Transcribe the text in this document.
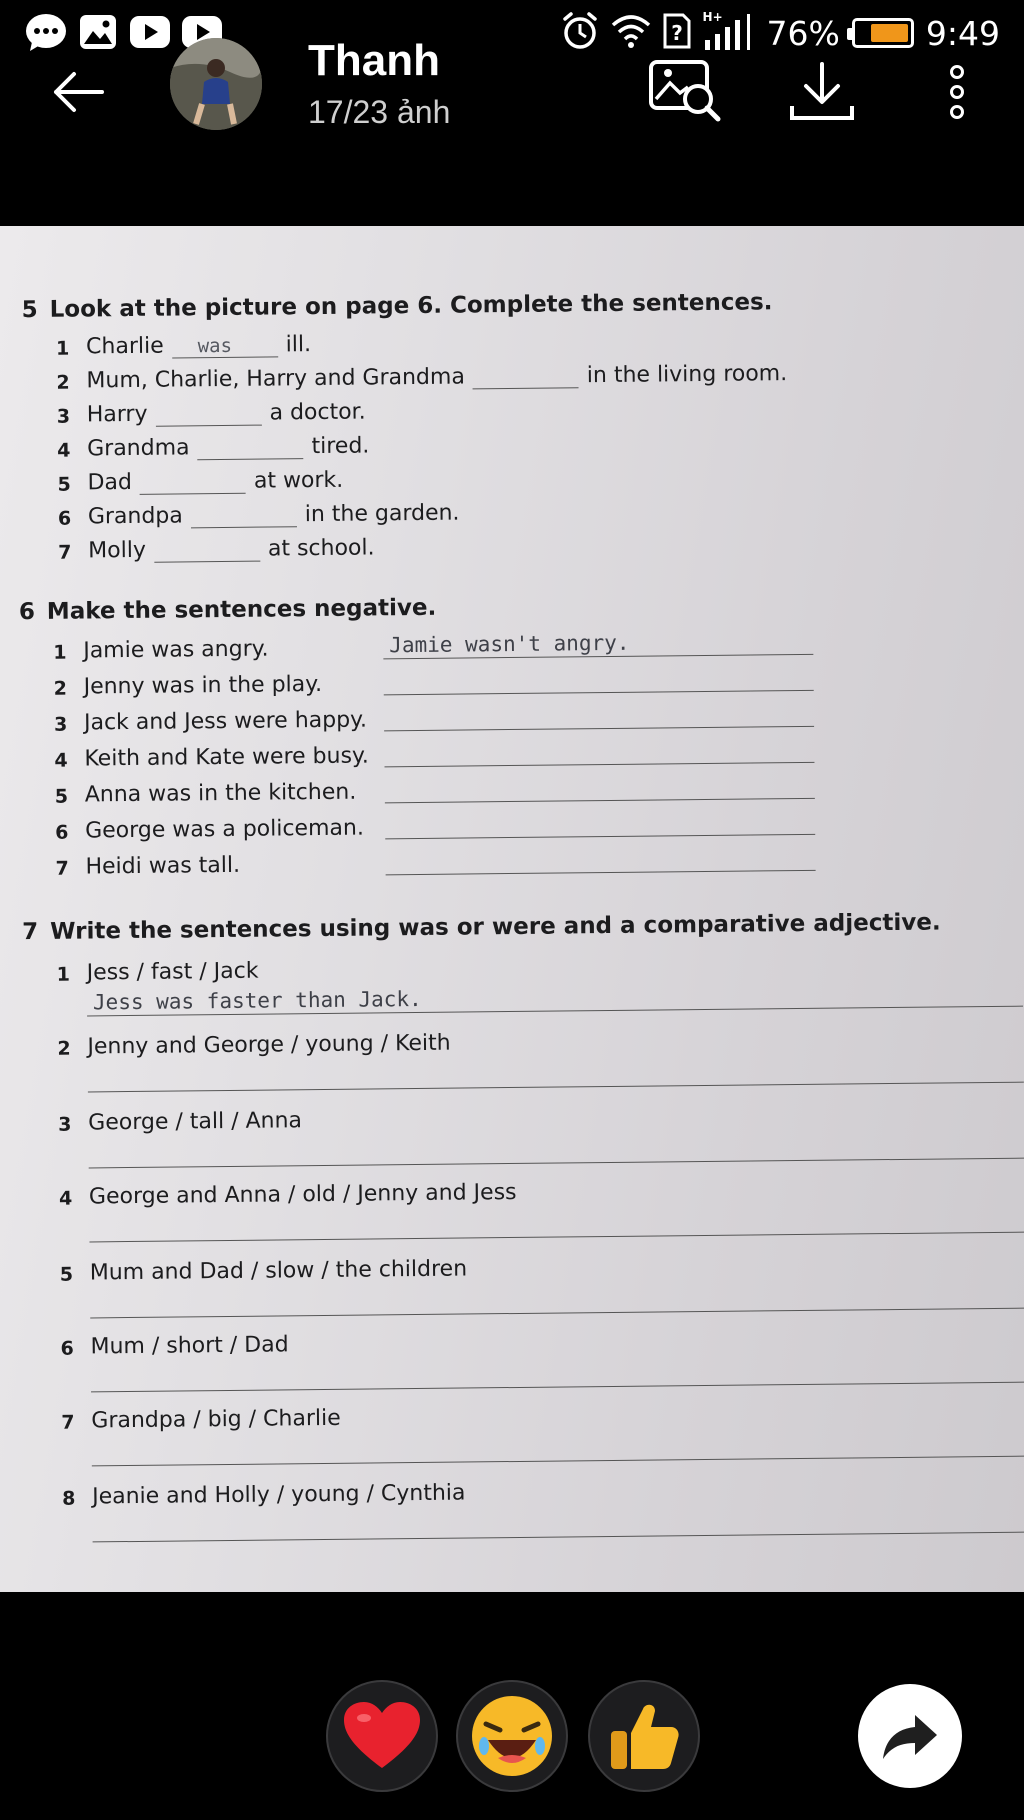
?
H+ 76%	9:49
Thanh
17/23 ảnh
5 Look at the picture on page 6. Complete the sentences.
1 Charlie was ill.
2 Mum, Charlie, Harry and Grandma	in the living room.
3 Harry	a doctor.
4 Grandma	tired.
5 Dad	at work.
6 Grandpa	in the garden.
7 Molly	at school.
6 Make the sentences negative.
1 Jamie was angry.	Jamie wasn't angry.
2 Jenny was in the play.
3 Jack and Jess were happy.
4 Keith and Kate were busy.
5 Anna was in the kitchen.
6 George was a policeman.
7 Heidi was tall.
7 Write the sentences using was or were and a comparative adjective.
1 Jess / fast / Jack
Jess was faster than Jack.
2 Jenny and George / young / Keith
3 George / tall / Anna
4 George and Anna / old / Jenny and Jess
5 Mum and Dad / slow / the children
6 Mum / short / Dad
7 Grandpa / big / Charlie
8 Jeanie and Holly / young / Cynthia
